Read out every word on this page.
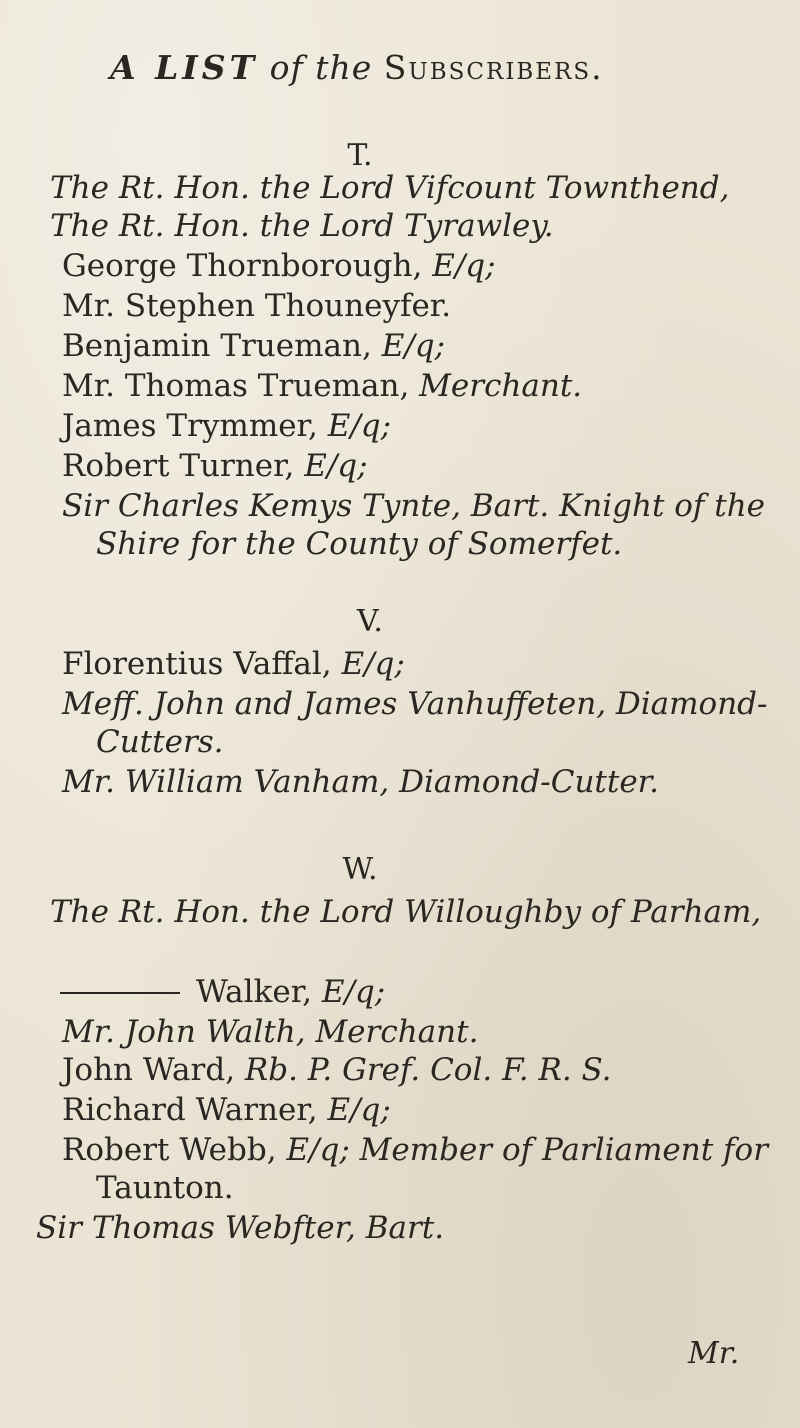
A LIST of the Subscribers.
T.
The Rt. Hon. the Lord Vifcount Townthend,
The Rt. Hon. the Lord Tyrawley.
George Thornborough, E/q;
Mr. Stephen Thouneyfer.
Benjamin Trueman, E/q;
Mr. Thomas Trueman, Merchant.
James Trymmer, E/q;
Robert Turner, E/q;
Sir Charles Kemys Tynte, Bart. Knight of the
Shire for the County of Somerfet.
V.
Florentius Vaffal, E/q;
Meff. John and James Vanhuffeten, Diamond-
Cutters.
Mr. William Vanham, Diamond-Cutter.
W.
The Rt. Hon. the Lord Willoughby of Parham,
Walker, E/q;
Mr. John Walth, Merchant.
John Ward, Rb. P. Gref. Col. F. R. S.
Richard Warner, E/q;
Robert Webb, E/q; Member of Parliament for
Taunton.
Sir Thomas Webfter, Bart.
Mr.
